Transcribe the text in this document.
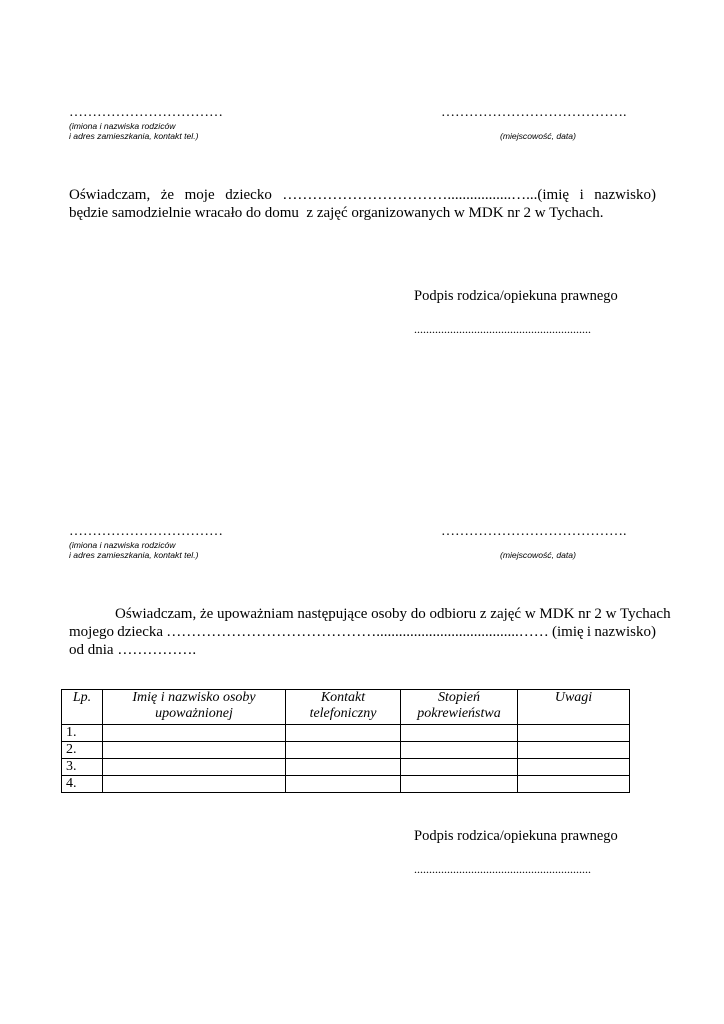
……………………………	………………………………….
(imiona i nazwiska rodziców
i adres zamieszkania, kontakt tel.)	(miejscowość, data)
Oświadczam, że moje dziecko …………………………….................…...(imię i nazwisko)
będzie samodzielnie wracało do domu  z zajęć organizowanych w MDK nr 2 w Tychach.
Podpis rodzica/opiekuna prawnego
...........................................................
……………………………	………………………………….
(imiona i nazwiska rodziców
i adres zamieszkania, kontakt tel.)	(miejscowość, data)
Oświadczam, że upoważniam następujące osoby do odbioru z zajęć w MDK nr 2 w Tychach
mojego dziecka ……………………………………......................................…… (imię i nazwisko)
od dnia …………….
Lp.	Imię i nazwisko osoby upoważnionej	Kontakt telefoniczny	Stopień pokrewieństwa	Uwagi
1.				
2.				
3.				
4.				
Podpis rodzica/opiekuna prawnego
...........................................................
